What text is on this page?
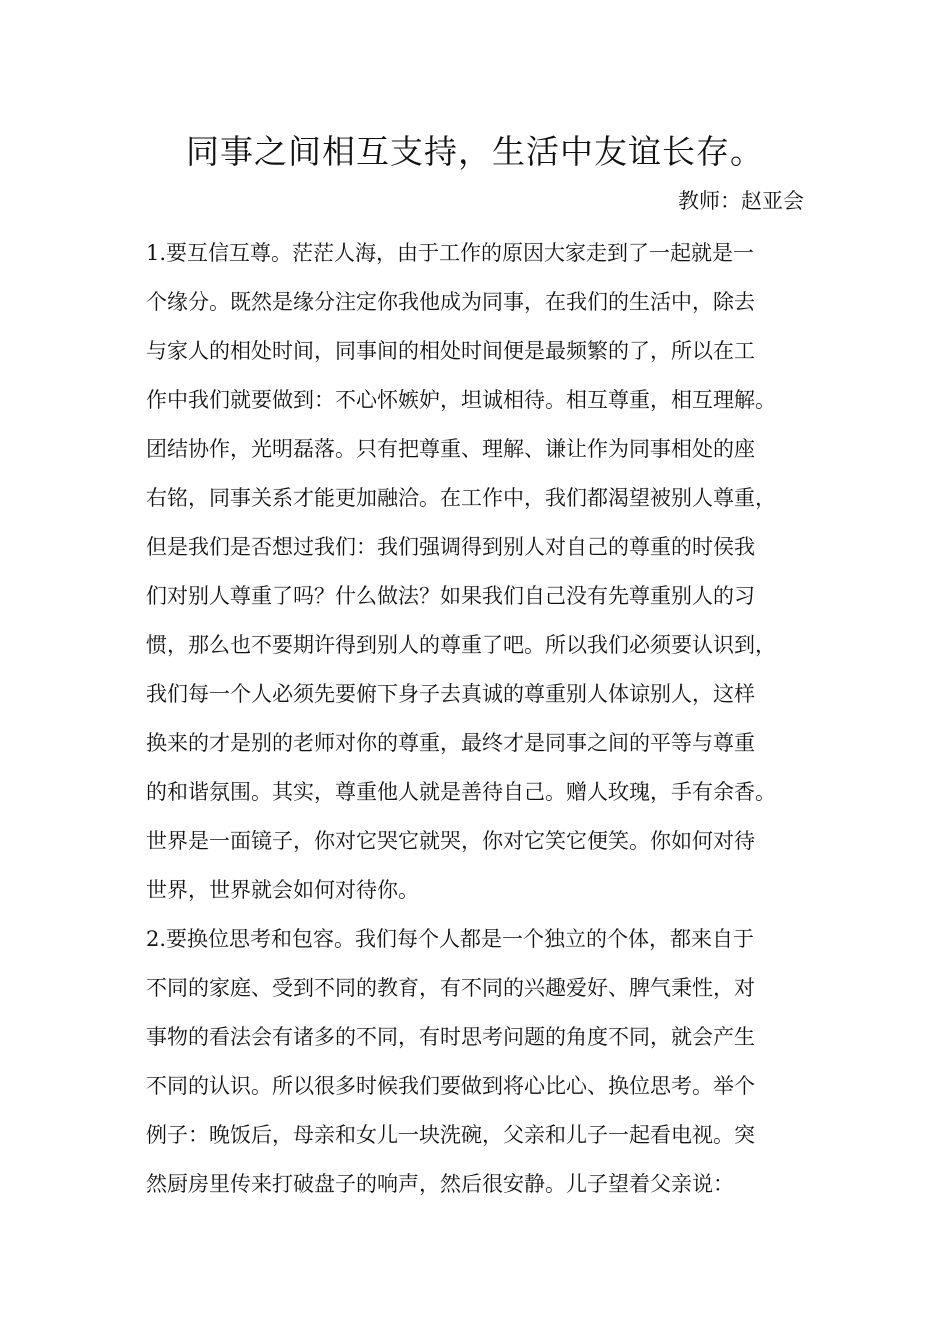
同事之间相互支持，生活中友谊长存。

教师：赵亚会

1.要互信互尊。茫茫人海，由于工作的原因大家走到了一起就是一

个缘分。既然是缘分注定你我他成为同事，在我们的生活中，除去

与家人的相处时间，同事间的相处时间便是最频繁的了，所以在工

作中我们就要做到：不心怀嫉妒，坦诚相待。相互尊重，相互理解。

团结协作，光明磊落。只有把尊重、理解、谦让作为同事相处的座

右铭，同事关系才能更加融洽。在工作中，我们都渴望被别人尊重，

但是我们是否想过我们：我们强调得到别人对自己的尊重的时侯我

们对别人尊重了吗？什么做法？如果我们自己没有先尊重别人的习

惯，那么也不要期许得到别人的尊重了吧。所以我们必须要认识到，

我们每一个人必须先要俯下身子去真诚的尊重别人体谅别人，这样

换来的才是别的老师对你的尊重，最终才是同事之间的平等与尊重

的和谐氛围。其实，尊重他人就是善待自己。赠人玫瑰，手有余香。

世界是一面镜子，你对它哭它就哭，你对它笑它便笑。你如何对待

世界，世界就会如何对待你。

2.要换位思考和包容。我们每个人都是一个独立的个体，都来自于

不同的家庭、受到不同的教育，有不同的兴趣爱好、脾气秉性，对

事物的看法会有诸多的不同，有时思考问题的角度不同，就会产生

不同的认识。所以很多时候我们要做到将心比心、换位思考。举个

例子：晚饭后，母亲和女儿一块洗碗，父亲和儿子一起看电视。突

然厨房里传来打破盘子的响声，然后很安静。儿子望着父亲说：
